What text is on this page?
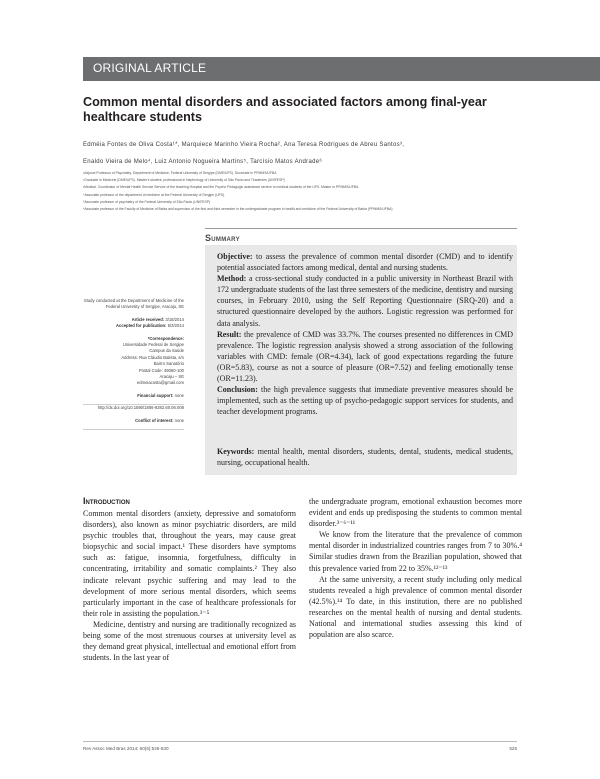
ORIGINAL ARTICLE
Common mental disorders and associated factors among final-year healthcare students
Edméia Fontes de Oliva Costa¹*, Marquiece Marinho Vieira Rocha², Ana Teresa Rodrigues de Abreu Santos³,
Enaldo Vieira de Melo⁴, Luiz Antonio Nogueira Martins⁵, Tarcísio Matos Andrade⁶
¹Adjunct Professor of Psychiatry, Department of Medicine, Federal University of Sergipe (DME/UFS). Doctorate in PPMMS/UFBA
²Graduate in Medicine (DME/UFS). Master's student, professional in Nephrology of University of São Paulo and Tiradentes (UNIFESP)
³Medical. Coordinator of Mental Health Service Service of the teaching Hospital and the Psycho Pedagogic assistance service to medical students of the UFS. Master in PPMMS/UFBA
⁴Associate professor of the department of medicine at the Federal University of Sergipe (UFS).
⁵Associate professor of psychiatry of the Federal University of São Paulo (UNIFESP)
⁶Associate professor of the Faculty of Medicine of Bahia and supervisor of the first and third semester in the undergraduate program in health and medicine of the Federal University of Bahia (PPMMS/UFBA)
Summary

Objective: to assess the prevalence of common mental disorder (CMD) and to identify potential associated factors among medical, dental and nursing students.

Method: a cross-sectional study conducted in a public university in Northeast Brazil with 172 undergraduate students of the last three semesters of the medicine, dentistry and nursing courses, in February 2010, using the Self Reporting Questionnaire (SRQ-20) and a structured questionnaire developed by the authors. Logistic regression was performed for data analysis.

Result: the prevalence of CMD was 33.7%. The courses presented no differences in CMD prevalence. The logistic regression analysis showed a strong association of the following variables with CMD: female (OR=4.34), lack of good expectations regarding the future (OR=5.83), course as not a source of pleasure (OR=7.52) and feeling emotionally tense (OR=11.23).

Conclusion: the high prevalence suggests that immediate preventive measures should be implemented, such as the setting up of psycho-pedagogic support services for students, and teacher development programs.

Keywords: mental health, mental disorders, students, dental, students, medical students, nursing, occupational health.
Study conducted at the Department of Medicine of the Federal University of Sergipe, Aracaju, SE
Article received: 3/18/2014
Accepted for publication: 6/3/2014
*Correspondence:
Universidade Federal de Sergipe
Campus da Saúde
Address: Rua Cláudio Batista, s/n
Bairro Sanatório
Postal Code: 49060-100
Aracaju – SE
edmeiacosta@gmail.com
Financial support: none
http://dx.doi.org/10.1590/1806-9282.60.06.008
Conflict of interest: none
Introduction

Common mental disorders (anxiety, depressive and somatoform disorders), also known as minor psychiatric disorders, are mild psychic troubles that, throughout the years, may cause great biopsychic and social impact.¹ These disorders have symptoms such as: fatigue, insomnia, forgetfulness, difficulty in concentrating, irritability and somatic complaints.² They also indicate relevant psychic suffering and may lead to the development of more serious mental disorders, which seems particularly important in the case of healthcare professionals for their role in assisting the population.³⁻⁵

Medicine, dentistry and nursing are traditionally recognized as being some of the most strenuous courses at university level as they demand great physical, intellectual and emotional effort from students. In the last year of

the undergraduate program, emotional exhaustion becomes more evident and ends up predisposing the students to common mental disorder.³⁻⁶⁻¹¹

We know from the literature that the prevalence of common mental disorder in industrialized countries ranges from 7 to 30%.⁴ Similar studies drawn from the Brazilian population, showed that this prevalence varied from 22 to 35%.¹²⁻¹³

At the same university, a recent study including only medical students revealed a high prevalence of common mental disorder (42.5%).¹⁴ To date, in this institution, there are no published researches on the mental health of nursing and dental students. National and international studies assessing this kind of population are also scarce.

Rev Assoc Med Bras 2014; 60(6):525-530	525
